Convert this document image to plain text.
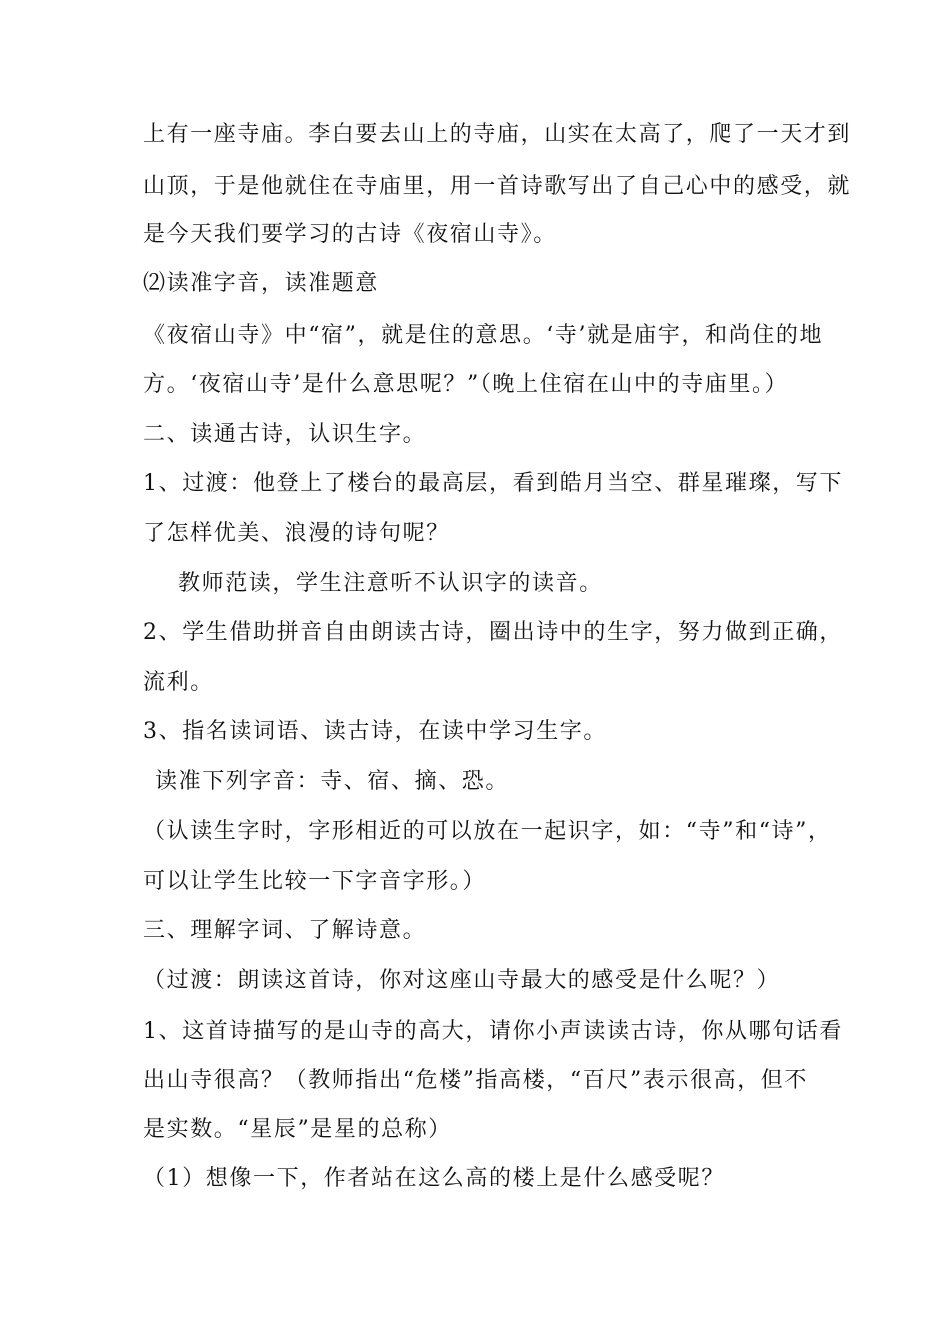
上有一座寺庙。李白要去山上的寺庙，山实在太高了，爬了一天才到
山顶，于是他就住在寺庙里，用一首诗歌写出了自己心中的感受，就
是今天我们要学习的古诗《夜宿山寺》。
⑵读准字音，读准题意
《夜宿山寺》中“宿”，就是住的意思。‘寺’就是庙宇，和尚住的地
方。‘夜宿山寺’是什么意思呢？”（晚上住宿在山中的寺庙里。）
二、读通古诗，认识生字。
1、过渡：他登上了楼台的最高层，看到皓月当空、群星璀璨，写下
了怎样优美、浪漫的诗句呢？
教师范读，学生注意听不认识字的读音。
2、学生借助拼音自由朗读古诗，圈出诗中的生字，努力做到正确，
流利。
3、指名读词语、读古诗，在读中学习生字。
读准下列字音：寺、宿、摘、恐。
（认读生字时，字形相近的可以放在一起识字，如：“寺”和“诗”，
可以让学生比较一下字音字形。）
三、理解字词、了解诗意。
（过渡：朗读这首诗，你对这座山寺最大的感受是什么呢？）
1、这首诗描写的是山寺的高大，请你小声读读古诗，你从哪句话看
出山寺很高？（教师指出“危楼”指高楼，“百尺”表示很高，但不
是实数。“星辰”是星的总称）
（1）想像一下，作者站在这么高的楼上是什么感受呢？
